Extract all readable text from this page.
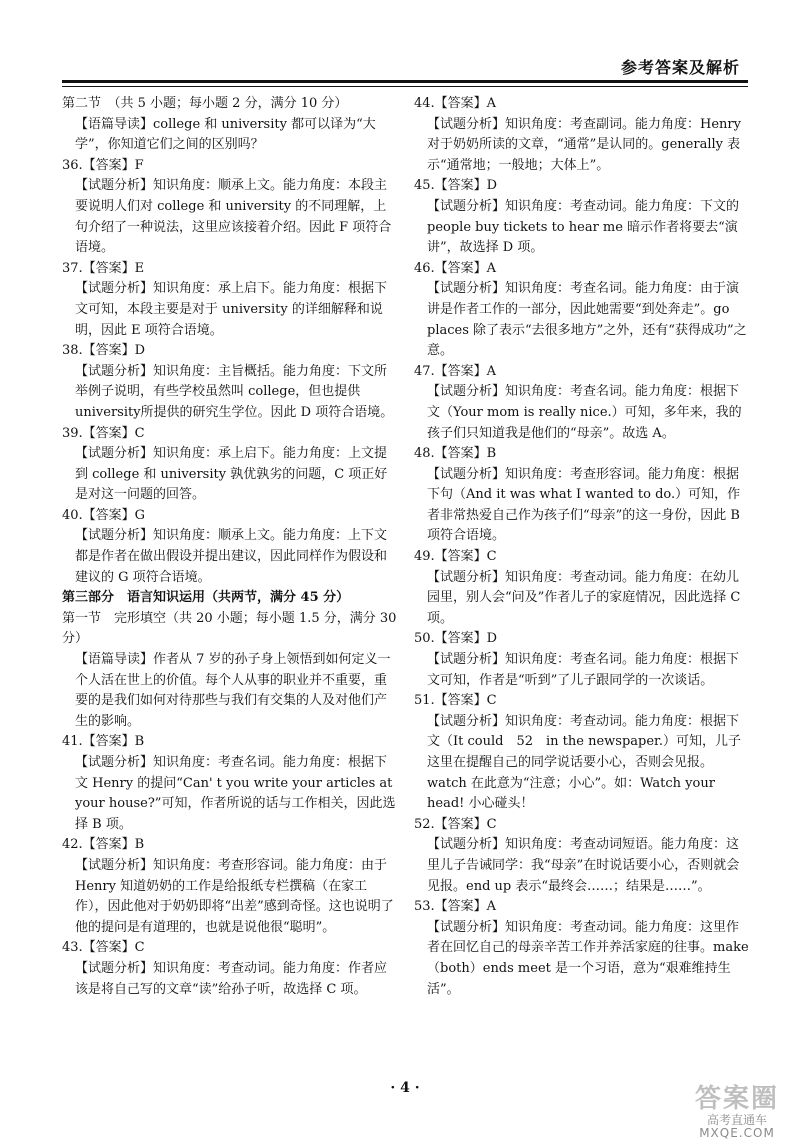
参考答案及解析

第二节　（共 5 小题；每小题 2 分，满分 10 分）

【语篇导读】college 和 university 都可以译为“大学”，你知道它们之间的区别吗？

36.【答案】F

【试题分析】知识角度：顺承上文。能力角度：本段主要说明人们对 college 和 university 的不同理解，上句介绍了一种说法，这里应该接着介绍。因此 F 项符合语境。

37.【答案】E

【试题分析】知识角度：承上启下。能力角度：根据下文可知，本段主要是对于 university 的详细解释和说明，因此 E 项符合语境。

38.【答案】D

【试题分析】知识角度：主旨概括。能力角度：下文所举例子说明，有些学校虽然叫 college，但也提供 university所提供的研究生学位。因此 D 项符合语境。

39.【答案】C

【试题分析】知识角度：承上启下。能力角度：上文提到 college 和 university 孰优孰劣的问题，C 项正好是对这一问题的回答。

40.【答案】G

【试题分析】知识角度：顺承上文。能力角度：上下文都是作者在做出假设并提出建议，因此同样作为假设和建议的 G 项符合语境。

第三部分　语言知识运用（共两节，满分 45 分）

第一节　完形填空（共 20 小题；每小题 1.5 分，满分 30 分）

【语篇导读】作者从 7 岁的孙子身上领悟到如何定义一个人活在世上的价值。每个人从事的职业并不重要，重要的是我们如何对待那些与我们有交集的人及对他们产生的影响。

41.【答案】B

【试题分析】知识角度：考查名词。能力角度：根据下文 Henry 的提问“Can' t you write your articles at your house?”可知，作者所说的话与工作相关，因此选择 B 项。

42.【答案】B

【试题分析】知识角度：考查形容词。能力角度：由于 Henry 知道奶奶的工作是给报纸专栏撰稿（在家工作），因此他对于奶奶即将“出差”感到奇怪。这也说明了他的提问是有道理的，也就是说他很“聪明”。

43.【答案】C

【试题分析】知识角度：考查动词。能力角度：作者应该是将自己写的文章“读”给孙子听，故选择 C 项。

44.【答案】A

【试题分析】知识角度：考查副词。能力角度：Henry 对于奶奶所读的文章，“通常”是认同的。generally 表示“通常地；一般地；大体上”。

45.【答案】D

【试题分析】知识角度：考查动词。能力角度：下文的 people buy tickets to hear me 暗示作者将要去“演讲”，故选择 D 项。

46.【答案】A

【试题分析】知识角度：考查名词。能力角度：由于演讲是作者工作的一部分，因此她需要“到处奔走”。go places 除了表示“去很多地方”之外，还有“获得成功”之意。

47.【答案】A

【试题分析】知识角度：考查名词。能力角度：根据下文（Your mom is really nice.）可知，多年来，我的孩子们只知道我是他们的“母亲”。故选 A。

48.【答案】B

【试题分析】知识角度：考查形容词。能力角度：根据下句（And it was what I wanted to do.）可知，作者非常热爱自己作为孩子们“母亲”的这一身份，因此 B 项符合语境。

49.【答案】C

【试题分析】知识角度：考查动词。能力角度：在幼儿园里，别人会“问及”作者儿子的家庭情况，因此选择 C 项。

50.【答案】D

【试题分析】知识角度：考查名词。能力角度：根据下文可知，作者是“听到”了儿子跟同学的一次谈话。

51.【答案】C

【试题分析】知识角度：考查动词。能力角度：根据下文（It could　52　in the newspaper.）可知，儿子这里在提醒自己的同学说话要小心，否则会见报。watch 在此意为“注意；小心”。如：Watch your head! 小心碰头！

52.【答案】C

【试题分析】知识角度：考查动词短语。能力角度：这里儿子告诫同学：我“母亲”在时说话要小心，否则就会见报。end up 表示“最终会……；结果是……”。

53.【答案】A

【试题分析】知识角度：考查动词。能力角度：这里作者在回忆自己的母亲辛苦工作并养活家庭的往事。make（both）ends meet 是一个习语，意为“艰难维持生活”。

· 4 ·	答案圈
高考直通车
MXQE.COM
